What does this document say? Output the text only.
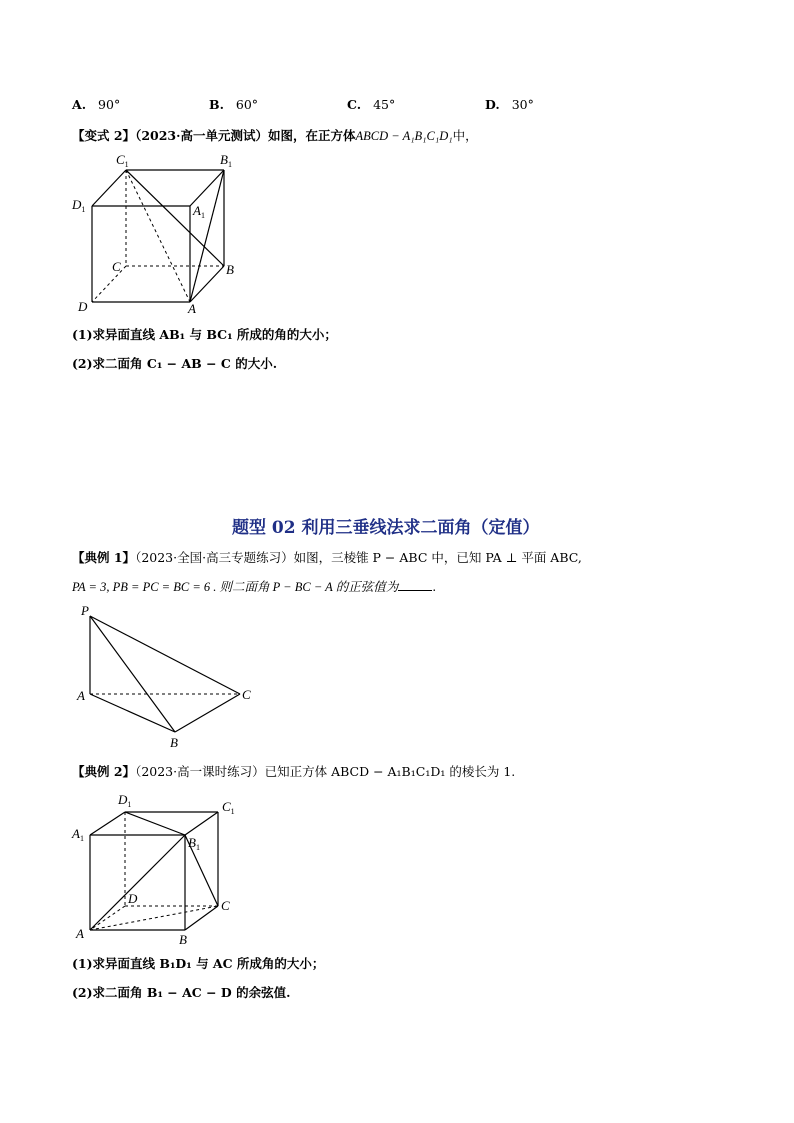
A. 90°	B. 60°	C. 45°	D. 30°
【变式 2】（2023·高一单元测试）如图，在正方体ABCD − A₁B₁C₁D₁中，
$C_1$	$B_1$
$D_1$	$A_1$
C	B
D	A
(1)求异面直线 AB₁ 与 BC₁ 所成的角的大小；
(2)求二面角 C₁ − AB − C 的大小.
题型 02 利用三垂线法求二面角（定值）
【典例 1】（2023·全国·高三专题练习）如图，三棱锥 P − ABC 中，已知 PA ⊥ 平面 ABC,
PA = 3, PB = PC = BC = 6 . 则二面角 P − BC − A 的正弦值为	.
P
A
B
C
【典例 2】（2023·高一课时练习）已知正方体 ABCD − A₁B₁C₁D₁ 的棱长为 1.
$D_1$	$C_1$
$A_1$	$B_1$
D	C
A	B
(1)求异面直线 B₁D₁ 与 AC 所成角的大小；
(2)求二面角 B₁ − AC − D 的余弦值.
